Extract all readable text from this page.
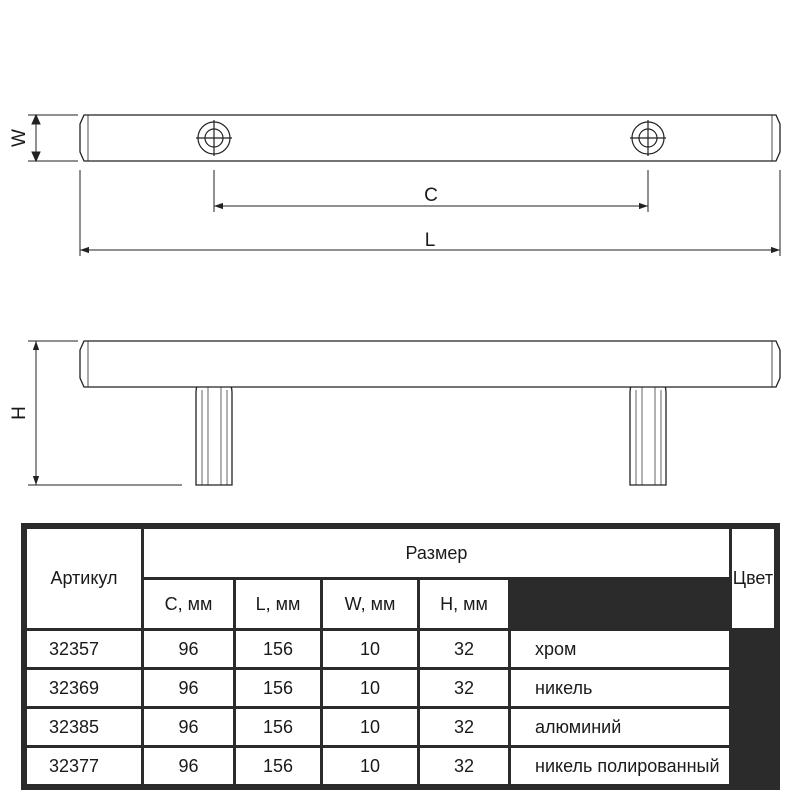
W
C
L
H
Артикул	Размер					Цвет
	C, мм	L, мм	W, мм	H, мм		
32357	96	156	10	32	хром	
32369	96	156	10	32	никель	
32385	96	156	10	32	алюминий	
32377	96	156	10	32	никель полированный	
